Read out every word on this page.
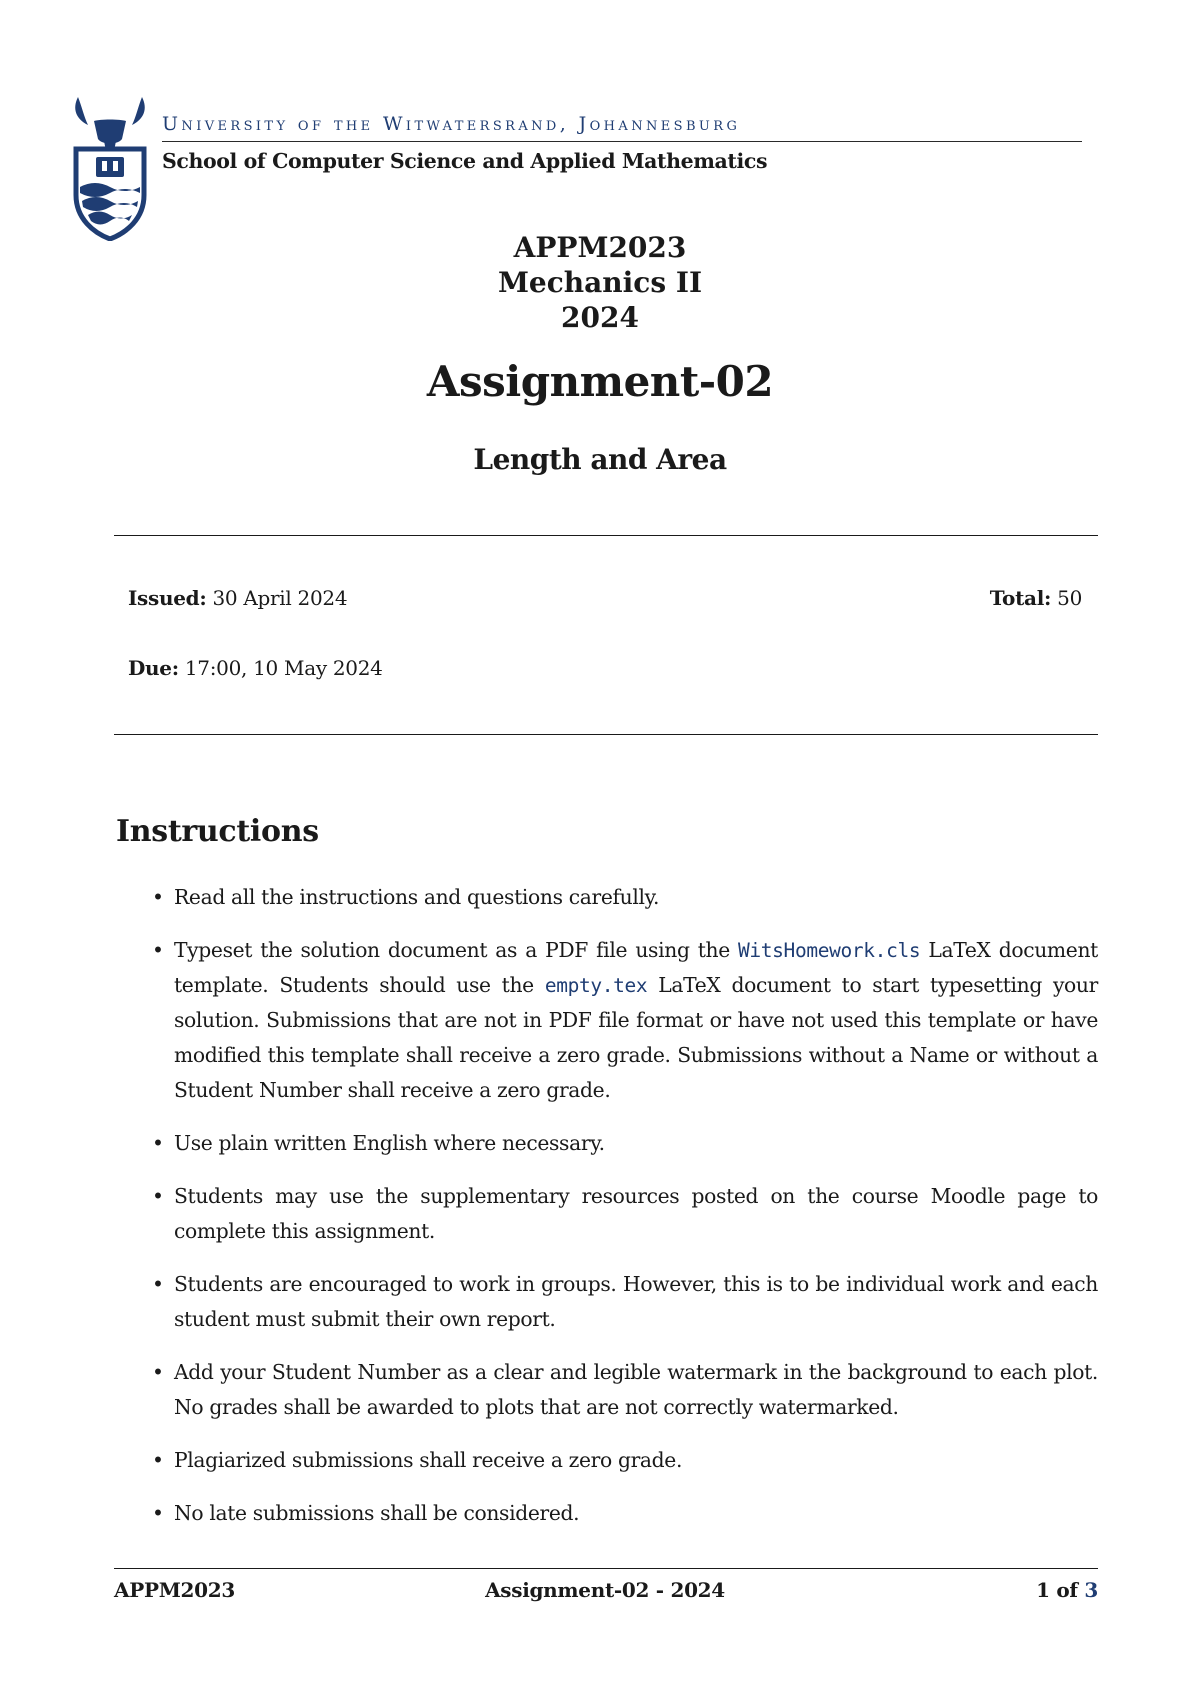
University of the Witwatersrand, Johannesburg
School of Computer Science and Applied Mathematics
APPM2023
Mechanics II
2024
Assignment-02
Length and Area
Issued: 30 April 2024	Total: 50
Due: 17:00, 10 May 2024
Instructions
• Read all the instructions and questions carefully.
• Typeset the solution document as a PDF file using the WitsHomework.cls LaTeX document template. Students should use the empty.tex LaTeX document to start typesetting your solution. Submissions that are not in PDF file format or have not used this template or have modified this template shall receive a zero grade. Submissions without a Name or without a Student Number shall receive a zero grade.
• Use plain written English where necessary.
• Students may use the supplementary resources posted on the course Moodle page to complete this assignment.
• Students are encouraged to work in groups. However, this is to be individual work and each student must submit their own report.
• Add your Student Number as a clear and legible watermark in the background to each plot. No grades shall be awarded to plots that are not correctly watermarked.
• Plagiarized submissions shall receive a zero grade.
• No late submissions shall be considered.
APPM2023	Assignment-02 - 2024	1 of 3
